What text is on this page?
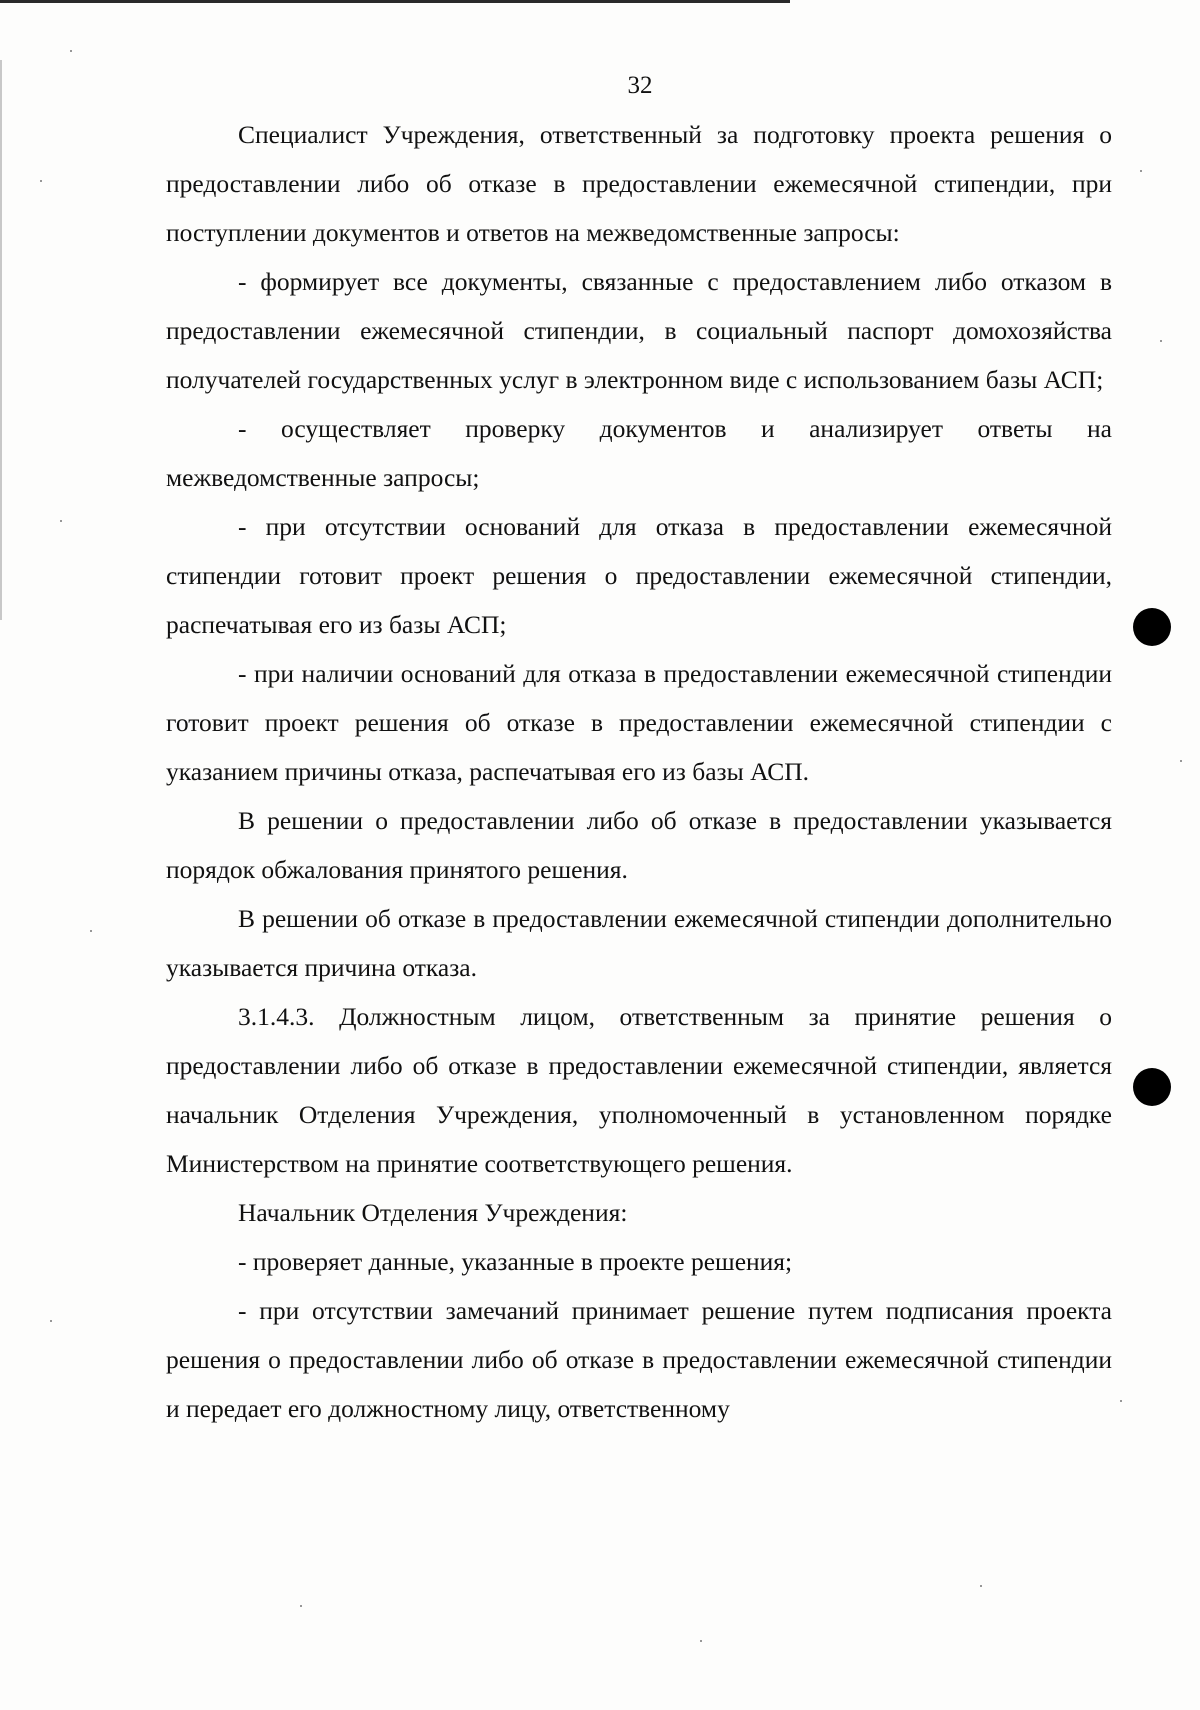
32

Специалист Учреждения, ответственный за подготовку проекта решения о предоставлении либо об отказе в предоставлении ежемесячной стипендии, при поступлении документов и ответов на межведомственные запросы:

- формирует все документы, связанные с предоставлением либо отказом в предоставлении ежемесячной стипендии, в социальный паспорт домохозяйства получателей государственных услуг в электронном виде с использованием базы АСП;

- осуществляет проверку документов и анализирует ответы на межведомственные запросы;

- при отсутствии оснований для отказа в предоставлении ежемесячной стипендии готовит проект решения о предоставлении ежемесячной стипендии, распечатывая его из базы АСП;

- при наличии оснований для отказа в предоставлении ежемесячной стипендии готовит проект решения об отказе в предоставлении ежемесячной стипендии с указанием причины отказа, распечатывая его из базы АСП.

В решении о предоставлении либо об отказе в предоставлении указывается порядок обжалования принятого решения.

В решении об отказе в предоставлении ежемесячной стипендии дополнительно указывается причина отказа.

3.1.4.3. Должностным лицом, ответственным за принятие решения о предоставлении либо об отказе в предоставлении ежемесячной стипендии, является начальник Отделения Учреждения, уполномоченный в установленном порядке Министерством на принятие соответствующего решения.

Начальник Отделения Учреждения:

- проверяет данные, указанные в проекте решения;

- при отсутствии замечаний принимает решение путем подписания проекта решения о предоставлении либо об отказе в предоставлении ежемесячной стипендии и передает его должностному лицу, ответственному
